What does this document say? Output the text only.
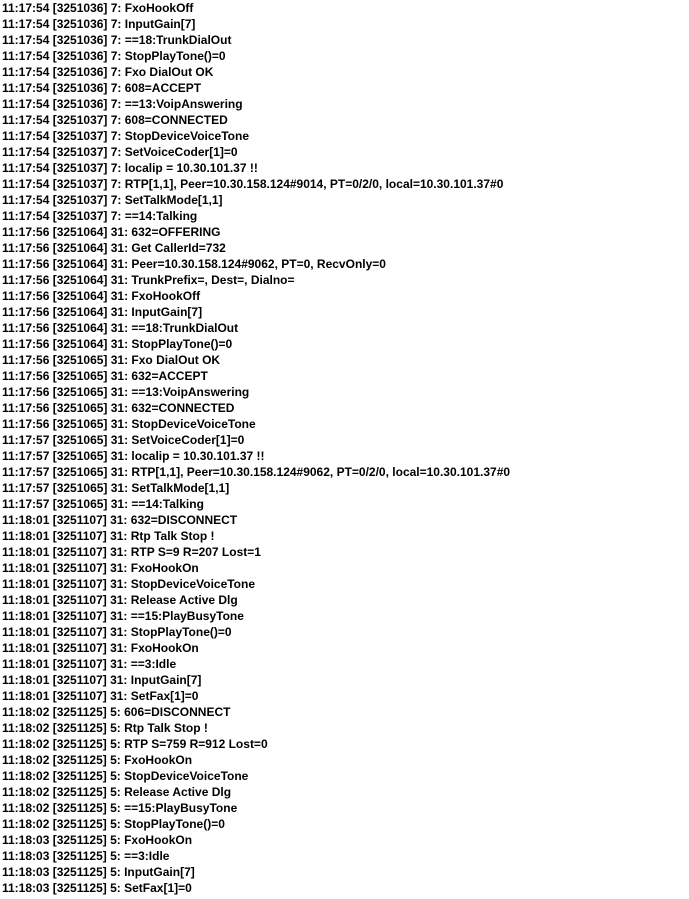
11:17:54 [3251036] 7: FxoHookOff
11:17:54 [3251036] 7: InputGain[7]
11:17:54 [3251036] 7: ==18:TrunkDialOut
11:17:54 [3251036] 7: StopPlayTone()=0
11:17:54 [3251036] 7: Fxo DialOut OK
11:17:54 [3251036] 7: 608=ACCEPT
11:17:54 [3251036] 7: ==13:VoipAnswering
11:17:54 [3251037] 7: 608=CONNECTED
11:17:54 [3251037] 7: StopDeviceVoiceTone
11:17:54 [3251037] 7: SetVoiceCoder[1]=0
11:17:54 [3251037] 7: localip = 10.30.101.37 !!
11:17:54 [3251037] 7: RTP[1,1], Peer=10.30.158.124#9014, PT=0/2/0, local=10.30.101.37#0
11:17:54 [3251037] 7: SetTalkMode[1,1]
11:17:54 [3251037] 7: ==14:Talking
11:17:56 [3251064] 31: 632=OFFERING
11:17:56 [3251064] 31: Get CallerId=732
11:17:56 [3251064] 31: Peer=10.30.158.124#9062, PT=0, RecvOnly=0
11:17:56 [3251064] 31: TrunkPrefix=, Dest=, Dialno=
11:17:56 [3251064] 31: FxoHookOff
11:17:56 [3251064] 31: InputGain[7]
11:17:56 [3251064] 31: ==18:TrunkDialOut
11:17:56 [3251064] 31: StopPlayTone()=0
11:17:56 [3251065] 31: Fxo DialOut OK
11:17:56 [3251065] 31: 632=ACCEPT
11:17:56 [3251065] 31: ==13:VoipAnswering
11:17:56 [3251065] 31: 632=CONNECTED
11:17:56 [3251065] 31: StopDeviceVoiceTone
11:17:57 [3251065] 31: SetVoiceCoder[1]=0
11:17:57 [3251065] 31: localip = 10.30.101.37 !!
11:17:57 [3251065] 31: RTP[1,1], Peer=10.30.158.124#9062, PT=0/2/0, local=10.30.101.37#0
11:17:57 [3251065] 31: SetTalkMode[1,1]
11:17:57 [3251065] 31: ==14:Talking
11:18:01 [3251107] 31: 632=DISCONNECT
11:18:01 [3251107] 31: Rtp Talk Stop !
11:18:01 [3251107] 31: RTP S=9 R=207 Lost=1
11:18:01 [3251107] 31: FxoHookOn
11:18:01 [3251107] 31: StopDeviceVoiceTone
11:18:01 [3251107] 31: Release Active Dlg
11:18:01 [3251107] 31: ==15:PlayBusyTone
11:18:01 [3251107] 31: StopPlayTone()=0
11:18:01 [3251107] 31: FxoHookOn
11:18:01 [3251107] 31: ==3:Idle
11:18:01 [3251107] 31: InputGain[7]
11:18:01 [3251107] 31: SetFax[1]=0
11:18:02 [3251125] 5: 606=DISCONNECT
11:18:02 [3251125] 5: Rtp Talk Stop !
11:18:02 [3251125] 5: RTP S=759 R=912 Lost=0
11:18:02 [3251125] 5: FxoHookOn
11:18:02 [3251125] 5: StopDeviceVoiceTone
11:18:02 [3251125] 5: Release Active Dlg
11:18:02 [3251125] 5: ==15:PlayBusyTone
11:18:02 [3251125] 5: StopPlayTone()=0
11:18:03 [3251125] 5: FxoHookOn
11:18:03 [3251125] 5: ==3:Idle
11:18:03 [3251125] 5: InputGain[7]
11:18:03 [3251125] 5: SetFax[1]=0
